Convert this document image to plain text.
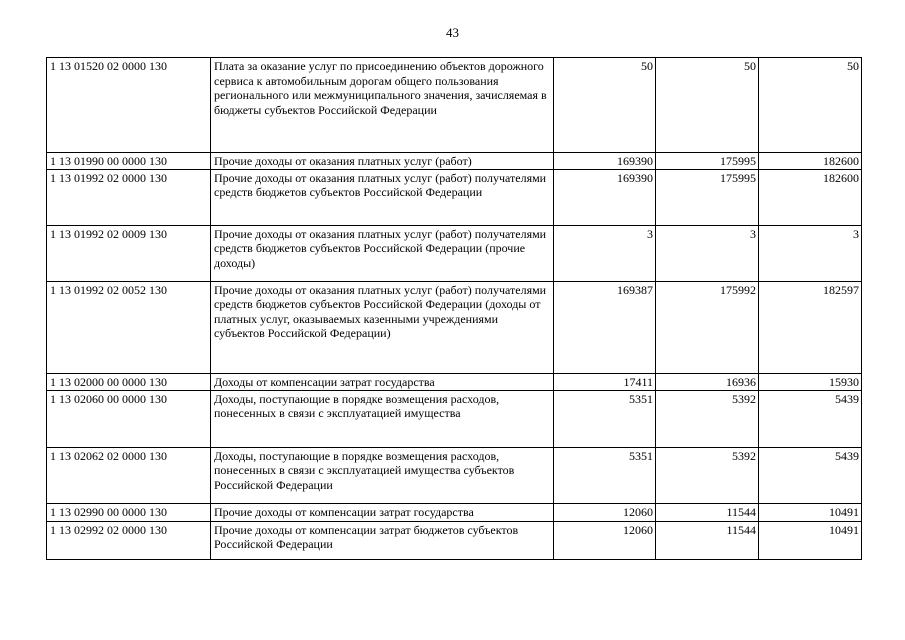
43
1 13 01520 02 0000 130	Плата за оказание услуг по присоединению объектов дорожного сервиса к автомобильным дорогам общего пользования регионального или межмуниципального значения, зачисляемая в бюджеты субъектов Российской Федерации	50	50	50
1 13 01990 00 0000 130	Прочие доходы от оказания платных услуг (работ)	169390	175995	182600
1 13 01992 02 0000 130	Прочие доходы от оказания платных услуг (работ) получателями средств бюджетов субъектов Российской Федерации	169390	175995	182600
1 13 01992 02 0009 130	Прочие доходы от оказания платных услуг (работ) получателями средств бюджетов субъектов Российской Федерации (прочие доходы)	3	3	3
1 13 01992 02 0052 130	Прочие доходы от оказания платных услуг (работ) получателями средств бюджетов субъектов Российской Федерации (доходы от платных услуг, оказываемых казенными учреждениями субъектов Российской Федерации)	169387	175992	182597
1 13 02000 00 0000 130	Доходы от компенсации затрат государства	17411	16936	15930
1 13 02060 00 0000 130	Доходы, поступающие в порядке возмещения расходов, понесенных в связи с эксплуатацией имущества	5351	5392	5439
1 13 02062 02 0000 130	Доходы, поступающие в порядке возмещения расходов, понесенных в связи с эксплуатацией имущества субъектов Российской Федерации	5351	5392	5439
1 13 02990 00 0000 130	Прочие доходы от компенсации затрат государства	12060	11544	10491
1 13 02992 02 0000 130	Прочие доходы от компенсации затрат бюджетов субъектов Российской Федерации	12060	11544	10491
